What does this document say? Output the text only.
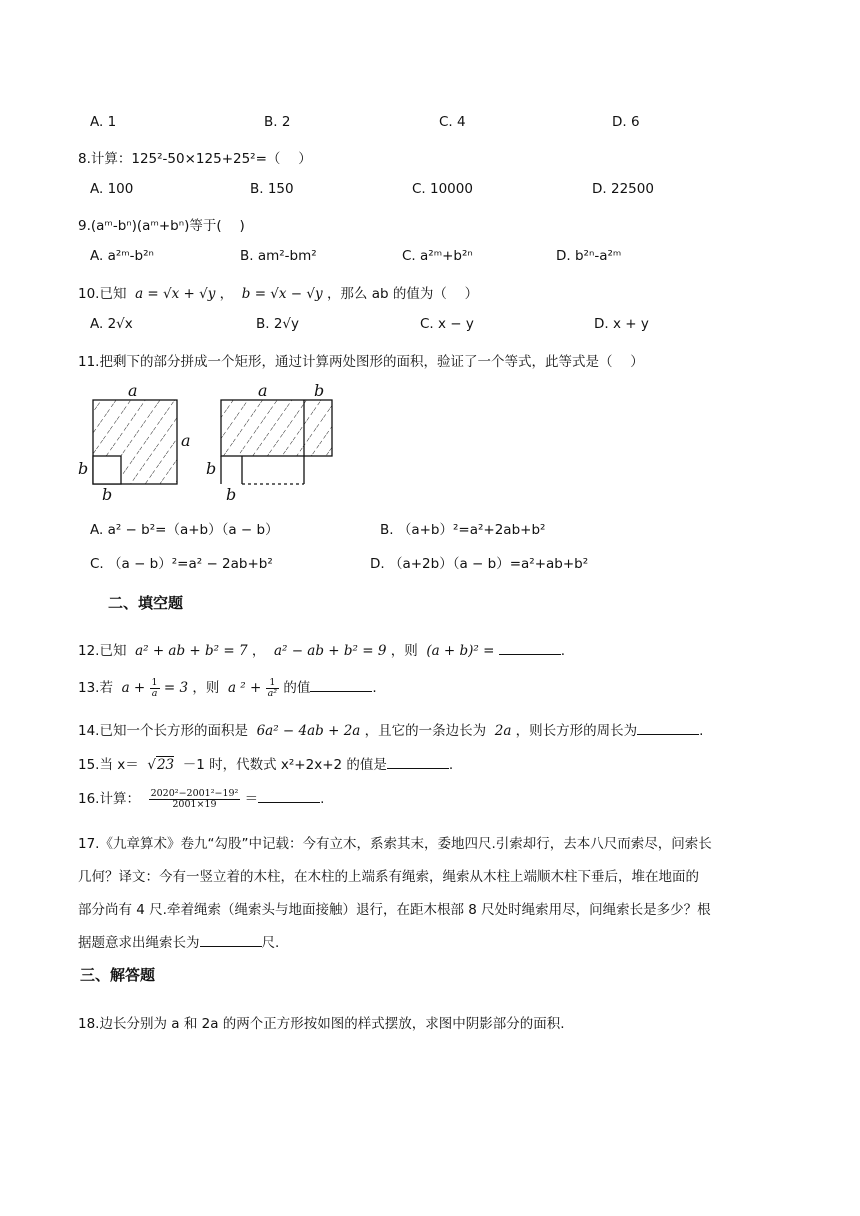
A. 1	B. 2	C. 4	D. 6
8.计算：125²-50×125+25²=（　 ）
A. 100	B. 150	C. 10000	D. 22500
9.(aᵐ-bⁿ)(aᵐ+bⁿ)等于(　 )
A. a²ᵐ-b²ⁿ	B. am²-bm²	C. a²ᵐ+b²ⁿ	D. b²ⁿ-a²ᵐ
10.已知 a = √x + √y ， b = √x − √y ，那么 ab 的值为（　 ）
A. 2√x	B. 2√y	C. x − y	D. x + y
11.把剩下的部分拼成一个矩形，通过计算两处图形的面积，验证了一个等式，此等式是（　 ）
a
a
b
b
a	b
b
b
A. a² − b²=（a+b）（a − b）	B. （a+b）²=a²+2ab+b²
C. （a − b）²=a² − 2ab+b²	D. （a+2b）（a − b）=a²+ab+b²
二、填空题
12.已知 a² + ab + b² = 7 ，  a² − ab + b² = 9 ，则 (a + b)² =	.
13.若 $a + \frac{1}{a} = 3$ ，则 a $^2 + \frac{1}{\text{a²}}$ 的值	.
14.已知一个长方形的面积是 6a² − 4ab + 2a ，且它的一条边长为 2a ，则长方形的周长为	.
15.当 x＝ √23 －1 时，代数式 x²+2x+2 的值是	.
16.计算： $\frac{\text{2020²−2001²−19²}}{2001\times 19}$ ＝	.
17.《九章算术》卷九“勾股”中记载：今有立木，系索其末，委地四尺.引索却行，去本八尺而索尽，问索长
几何？译文：今有一竖立着的木柱，在木柱的上端系有绳索，绳索从木柱上端顺木柱下垂后，堆在地面的
部分尚有 4 尺.牵着绳索（绳索头与地面接触）退行，在距木根部 8 尺处时绳索用尽，问绳索长是多少？根
据题意求出绳索长为	尺.
三、解答题
18.边长分别为 a 和 2a 的两个正方形按如图的样式摆放，求图中阴影部分的面积.
